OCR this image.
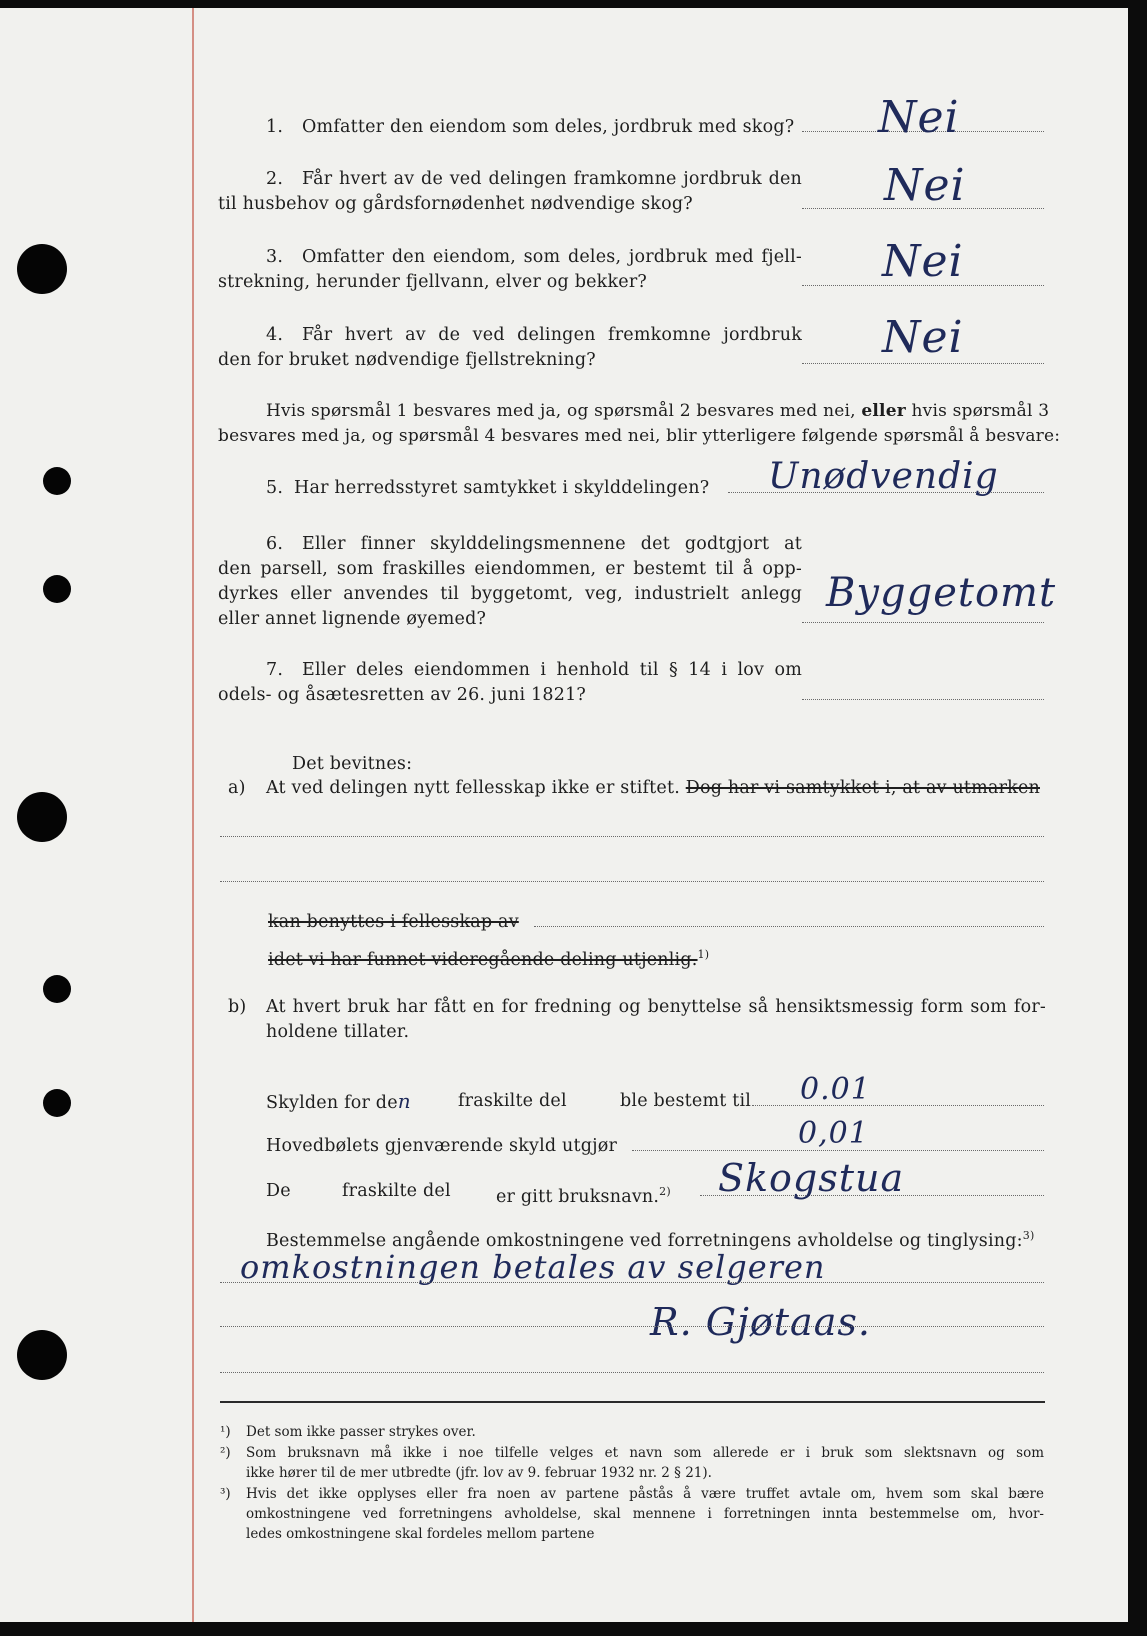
1. Omfatter den eiendom som deles, jordbruk med skog? Nei
2. Får hvert av de ved delingen framkomne jordbruk den
til husbehov og gårdsfornødenhet nødvendige skog?	Nei
3. Omfatter den eiendom, som deles, jordbruk med fjell-
strekning, herunder fjellvann, elver og bekker?	Nei
4. Får hvert av de ved delingen fremkomne jordbruk
den for bruket nødvendige fjellstrekning?	Nei
Hvis spørsmål 1 besvares med ja, og spørsmål 2 besvares med nei, eller hvis spørsmål 3
besvares med ja, og spørsmål 4 besvares med nei, blir ytterligere følgende spørsmål å besvare:
5. Har herredsstyret samtykket i skylddelingen? Unødvendig
6. Eller finner skylddelingsmennene det godtgjort at
den parsell, som fraskilles eiendommen, er bestemt til å opp-
dyrkes eller anvendes til byggetomt, veg, industrielt anlegg
eller annet lignende øyemed?
Byggetomt
7. Eller deles eiendommen i henhold til § 14 i lov om
odels- og åsætesretten av 26. juni 1821?
Det bevitnes:
a) At ved delingen nytt fellesskap ikke er stiftet. Dog har vi samtykket i, at av utmarken
kan benyttes i fellesskap av
idet vi har funnet videregående deling utjenlig.$^{1)}$
b) At hvert bruk har fått en for fredning og benyttelse så hensiktsmessig form som for-
holdene tillater.
Skylden for den	fraskilte del	ble bestemt til 0.01
Hovedbølets gjenværende skyld utgjør	0,01
De	fraskilte del	er gitt bruksnavn.$^{2)}$ Skogstua
Bestemmelse angående omkostningene ved forretningens avholdelse og tinglysing:$^{3)}$
omkostningen betales av selgeren
R. Gjøtaas.
¹) Det som ikke passer strykes over.
²) Som bruksnavn må ikke i noe tilfelle velges et navn som allerede er i bruk som slektsnavn og som
ikke hører til de mer utbredte (jfr. lov av 9. februar 1932 nr. 2 § 21).
³) Hvis det ikke opplyses eller fra noen av partene påstås å være truffet avtale om, hvem som skal bære
omkostningene ved forretningens avholdelse, skal mennene i forretningen innta bestemmelse om, hvor-
ledes omkostningene skal fordeles mellom partene
